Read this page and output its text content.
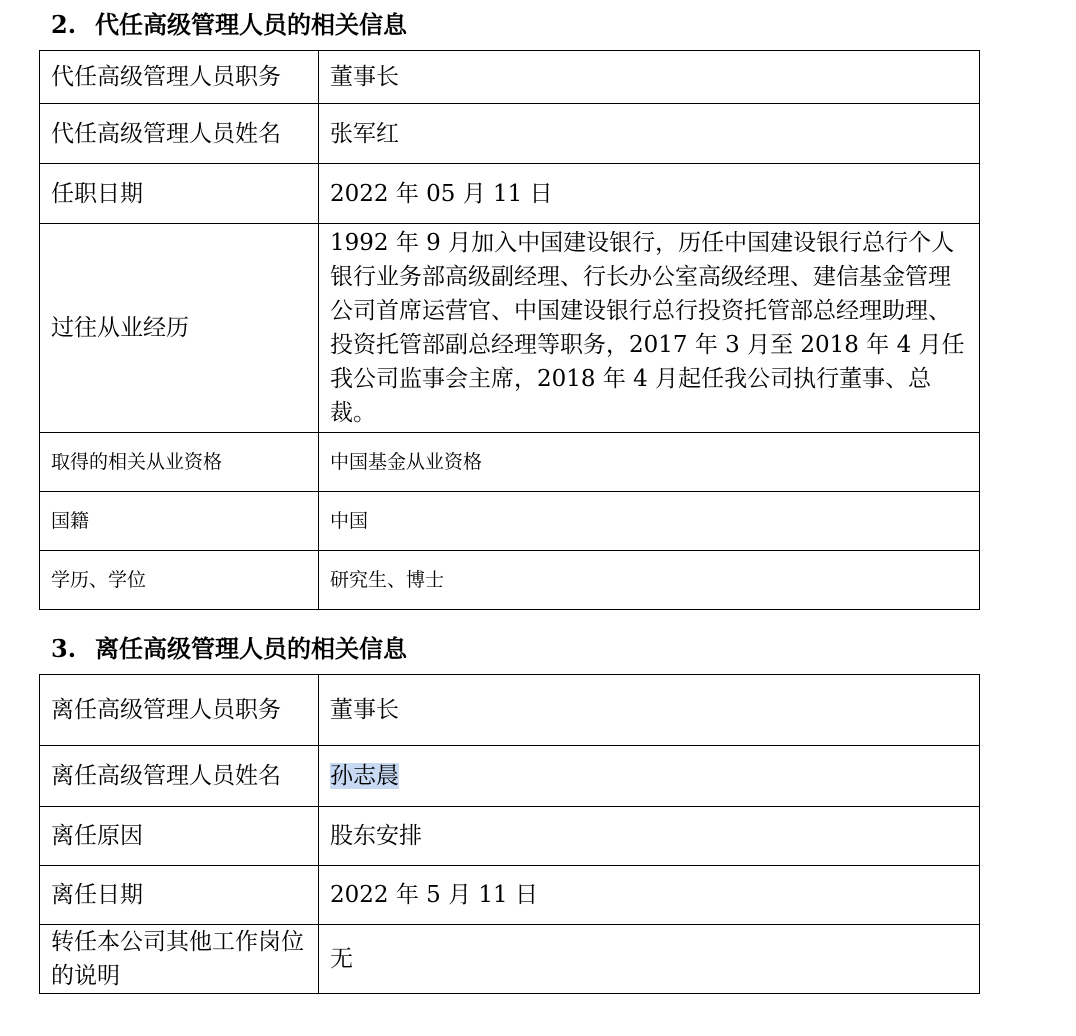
2. 代任高级管理人员的相关信息
代任高级管理人员职务	董事长
代任高级管理人员姓名	张军红
任职日期	2022 年 05 月 11 日
过往从业经历	1992 年 9 月加入中国建设银行，历任中国建设银行总行个人银行业务部高级副经理、行长办公室高级经理、建信基金管理公司首席运营官、中国建设银行总行投资托管部总经理助理、投资托管部副总经理等职务，2017 年 3 月至 2018 年 4 月任我公司监事会主席，2018 年 4 月起任我公司执行董事、总裁。
取得的相关从业资格	中国基金从业资格
国籍	中国
学历、学位	研究生、博士
3. 离任高级管理人员的相关信息
离任高级管理人员职务	董事长
离任高级管理人员姓名	孙志晨
离任原因	股东安排
离任日期	2022 年 5 月 11 日
转任本公司其他工作岗位的说明	无
